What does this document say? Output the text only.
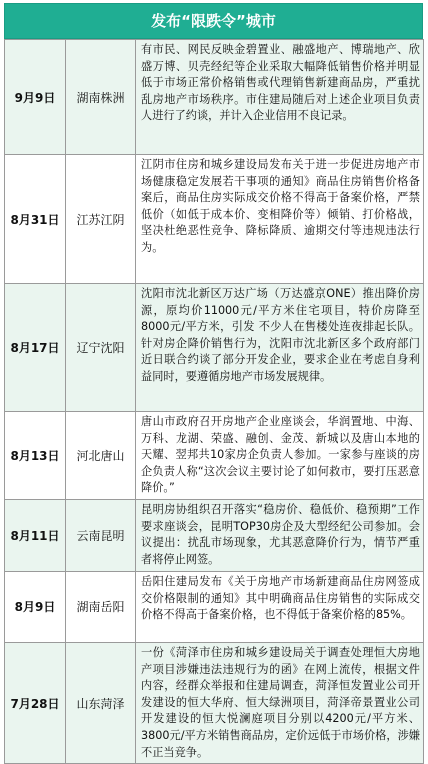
发布“限跌令”城市
9月9日	湖南株洲	有市民、网民反映金碧置业、融盛地产、博瑞地产、欣盛万博、贝壳经纪等企业采取大幅降低销售价格并明显低于市场正常价格销售或代理销售新建商品房，严重扰乱房地产市场秩序。市住建局随后对上述企业项目负责人进行了约谈，并计入企业信用不良记录。
8月31日	江苏江阴	江阴市住房和城乡建设局发布关于进一步促进房地产市场健康稳定发展若干事项的通知》商品住房销售价格备案后，商品住房实际成交价格不得高于备案价格，严禁低价（如低于成本价、变相降价等）倾销、打价格战，坚决杜绝恶性竞争、降标降质、逾期交付等违规违法行为。
8月17日	辽宁沈阳	沈阳市沈北新区万达广场（万达盛京ONE）推出降价房源，原均价11000元/平方米住宅项目，特价房降至8000元/平方米，引发 不少人在售楼处连夜排起长队。针对房企降价销售行为，沈阳市沈北新区多个政府部门近日联合约谈了部分开发企业，要求企业在考虑自身利益同时，要遵循房地产市场发展规律。
8月13日	河北唐山	唐山市政府召开房地产企业座谈会，华润置地、中海、万科、龙湖、荣盛、融创、金茂、新城以及唐山本地的天耀、翌邦共10家房企负责人参加。一家参与座谈的房企负责人称“这次会议主要讨论了如何救市，要打压恶意降价。”
8月11日	云南昆明	昆明房协组织召开落实“稳房价、稳低价、稳预期”工作要求座谈会，昆明TOP30房企及大型经纪公司参加。会议提出：扰乱市场现象，尤其恶意降价行为，情节严重者将停止网签。
8月9日	湖南岳阳	岳阳住建局发布《关于房地产市场新建商品住房网签成交价格限制的通知》其中明确商品住房销售的实际成交价格不得高于备案价格，也不得低于备案价格的85%。
7月28日	山东菏泽	一份《菏泽市住房和城乡建设局关于调查处理恒大房地产项目涉嫌违法违规行为的函》在网上流传，根据文件内容，经群众举报和住建局调查，菏泽恒发置业公司开发建设的恒大华府、恒大绿洲项目，菏泽帝景置业公司开发建设的恒大悦澜庭项目分别以4200元/平方米、3800元/平方米销售商品房，定价远低于市场价格，涉嫌不正当竞争。
